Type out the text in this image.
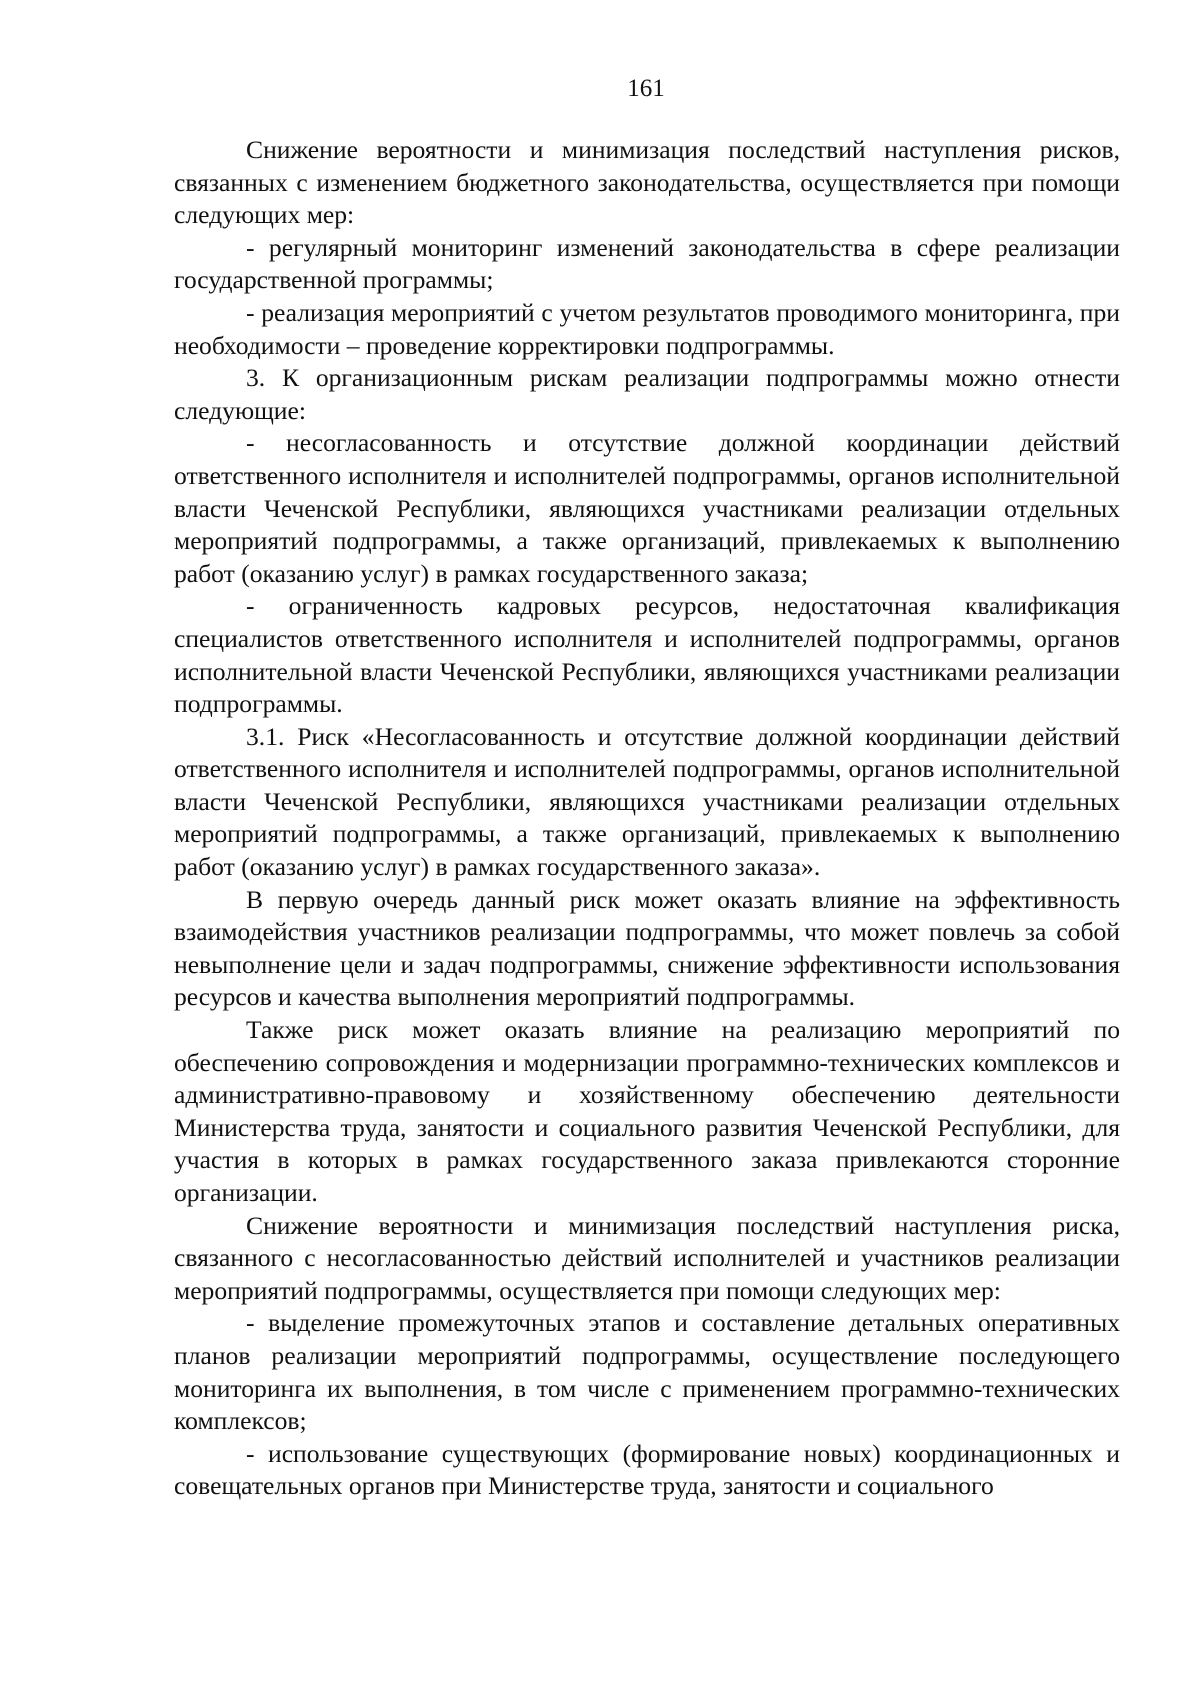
161

Снижение вероятности и минимизация последствий наступления рисков, связанных с изменением бюджетного законодательства, осуществляется при помощи следующих мер:

- регулярный мониторинг изменений законодательства в сфере реализации государственной программы;

- реализация мероприятий с учетом результатов проводимого мониторинга, при необходимости – проведение корректировки подпрограммы.

3. К организационным рискам реализации подпрограммы можно отнести следующие:

- несогласованность и отсутствие должной координации действий ответственного исполнителя и исполнителей подпрограммы, органов исполнительной власти Чеченской Республики, являющихся участниками реализации отдельных мероприятий подпрограммы, а также организаций, привлекаемых к выполнению работ (оказанию услуг) в рамках государственного заказа;

- ограниченность кадровых ресурсов, недостаточная квалификация специалистов ответственного исполнителя и исполнителей подпрограммы, органов исполнительной власти Чеченской Республики, являющихся участниками реализации подпрограммы.

3.1. Риск «Несогласованность и отсутствие должной координации действий ответственного исполнителя и исполнителей подпрограммы, органов исполнительной власти Чеченской Республики, являющихся участниками реализации отдельных мероприятий подпрограммы, а также организаций, привлекаемых к выполнению работ (оказанию услуг) в рамках государственного заказа».

В первую очередь данный риск может оказать влияние на эффективность взаимодействия участников реализации подпрограммы, что может повлечь за собой невыполнение цели и задач подпрограммы, снижение эффективности использования ресурсов и качества выполнения мероприятий подпрограммы.

Также риск может оказать влияние на реализацию мероприятий по обеспечению сопровождения и модернизации программно-технических комплексов и административно-правовому и хозяйственному обеспечению деятельности Министерства труда, занятости и социального развития Чеченской Республики, для участия в которых в рамках государственного заказа привлекаются сторонние организации.

Снижение вероятности и минимизация последствий наступления риска, связанного с несогласованностью действий исполнителей и участников реализации мероприятий подпрограммы, осуществляется при помощи следующих мер:

- выделение промежуточных этапов и составление детальных оперативных планов реализации мероприятий подпрограммы, осуществление последующего мониторинга их выполнения, в том числе с применением программно-технических комплексов;

- использование существующих (формирование новых) координационных и совещательных органов при Министерстве труда, занятости и социального
